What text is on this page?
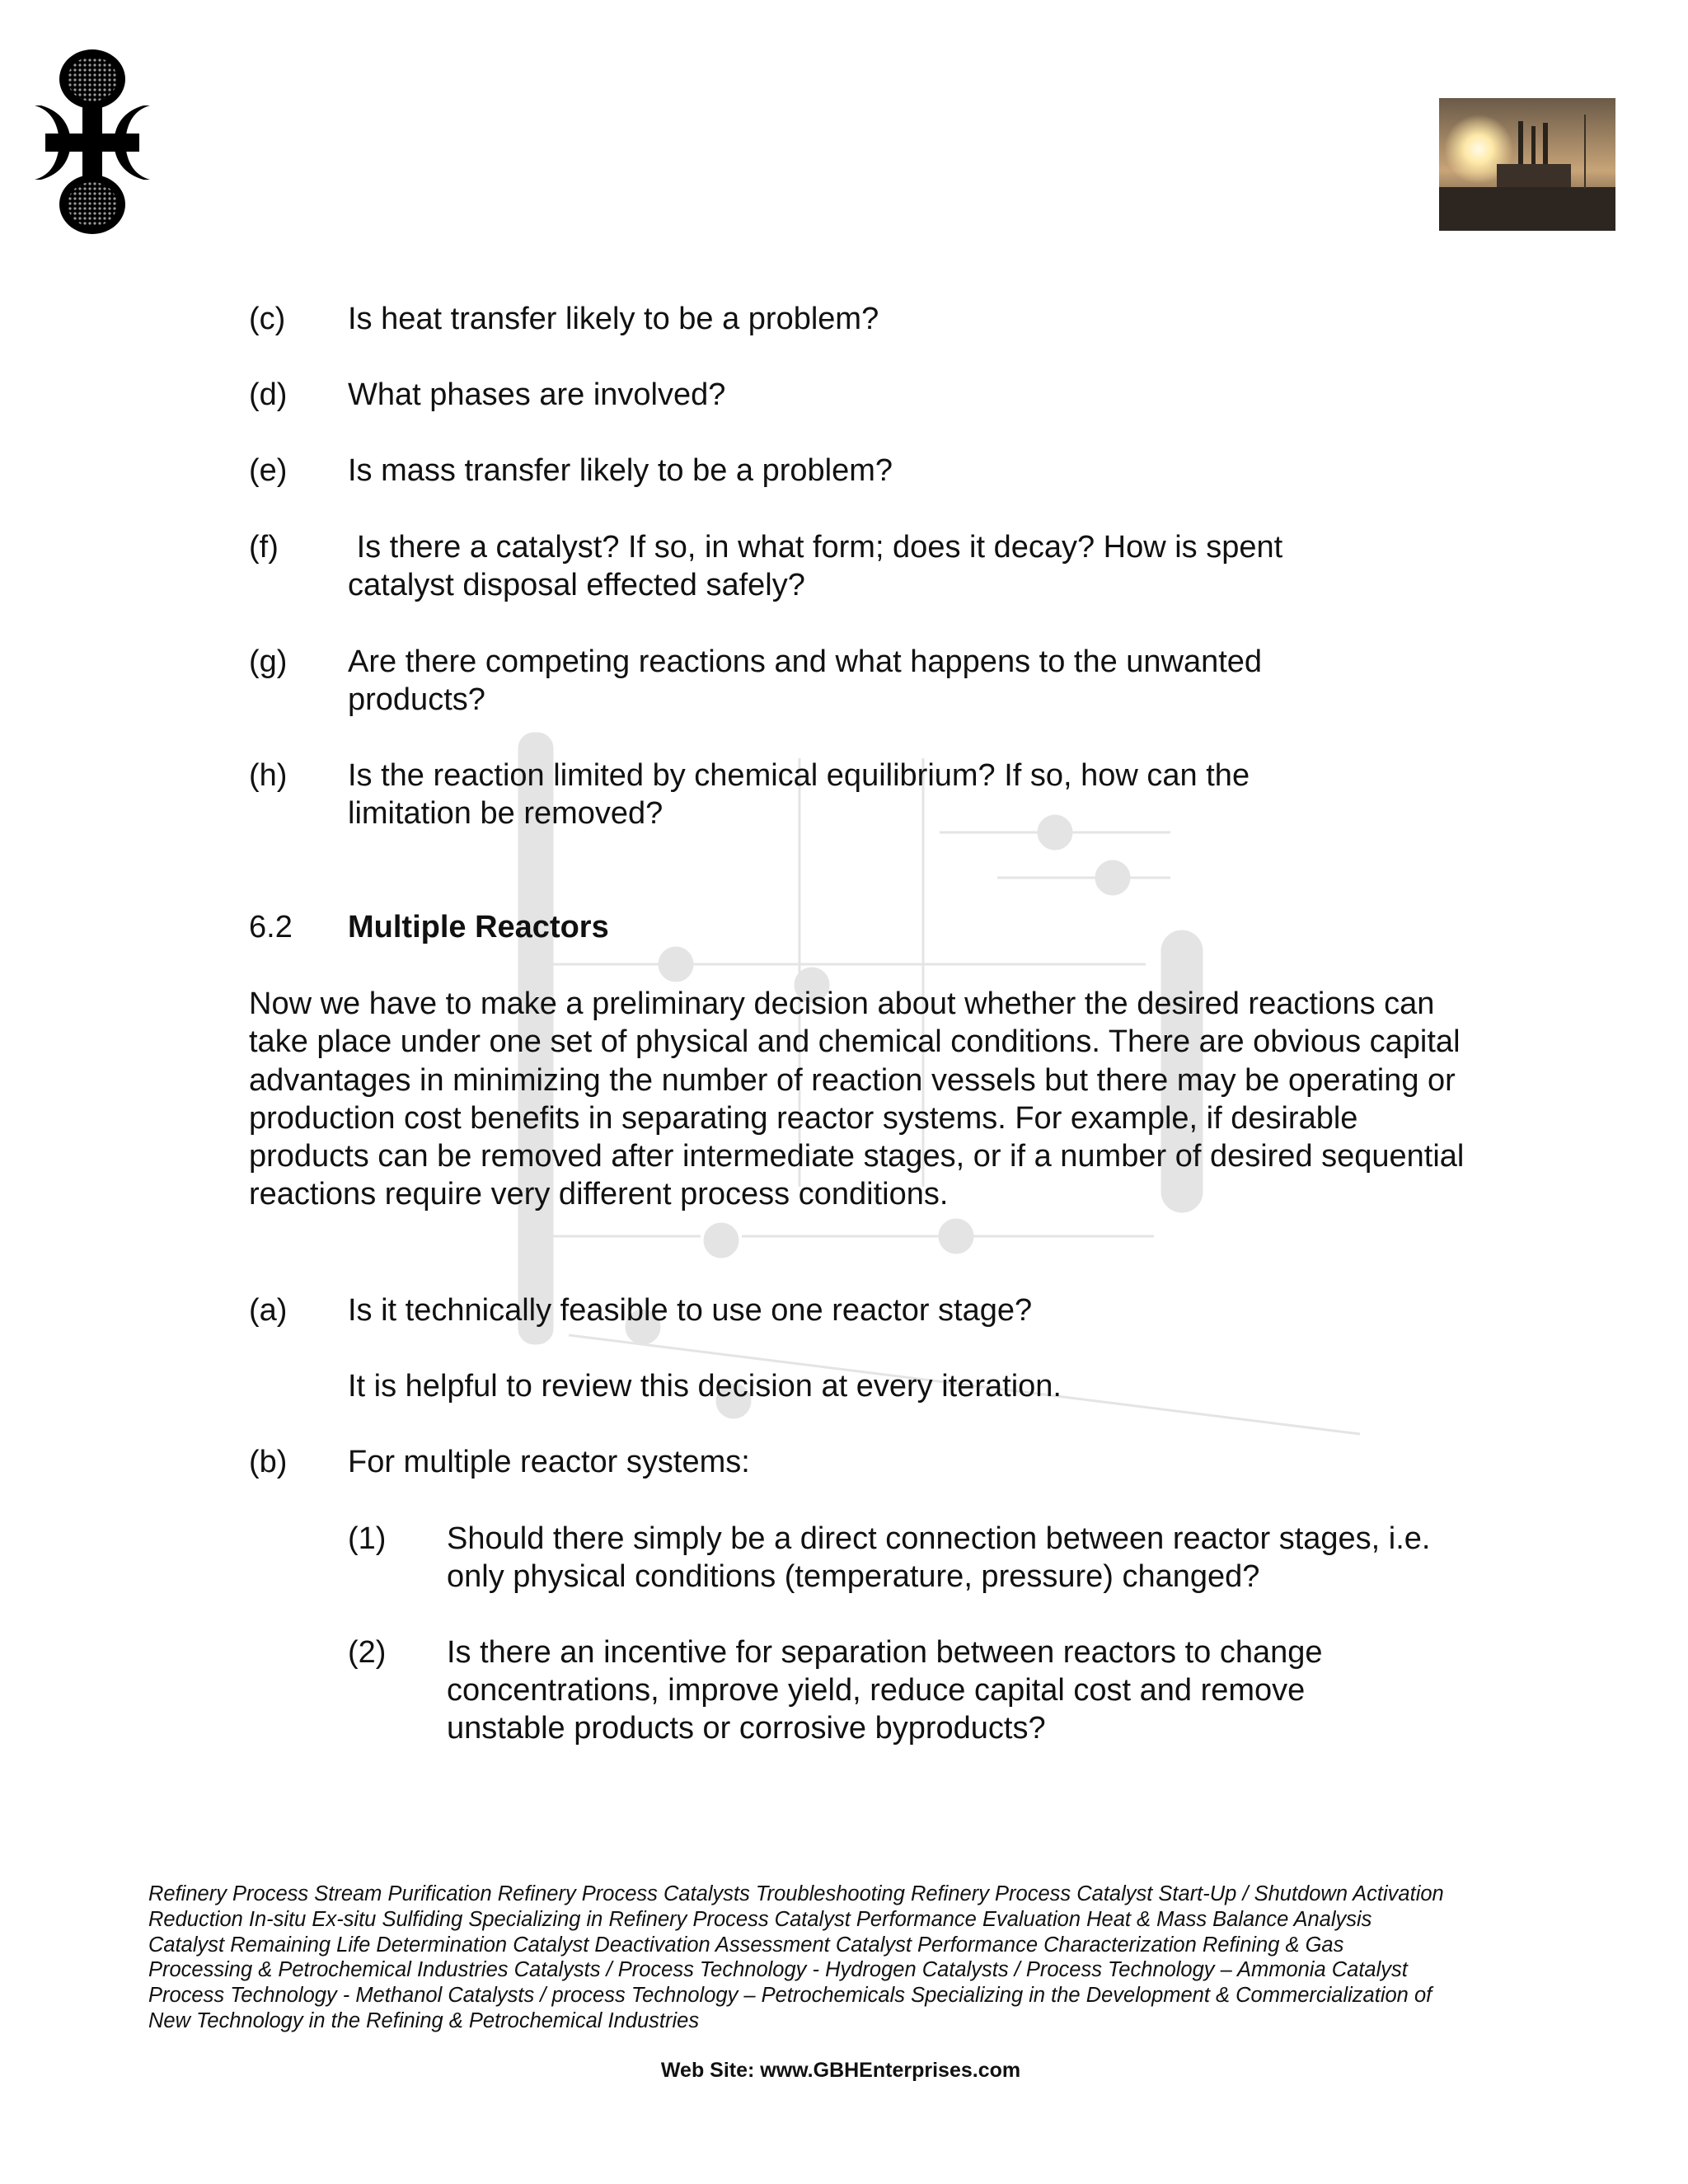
(c) Is heat transfer likely to be a problem?
(d) What phases are involved?
(e) Is mass transfer likely to be a problem?
(f) Is there a catalyst? If so, in what form; does it decay? How is spent catalyst disposal effected safely?
(g) Are there competing reactions and what happens to the unwanted products?
(h) Is the reaction limited by chemical equilibrium? If so, how can the limitation be removed?
6.2 Multiple Reactors
Now we have to make a preliminary decision about whether the desired reactions can take place under one set of physical and chemical conditions. There are obvious capital advantages in minimizing the number of reaction vessels but there may be operating or production cost benefits in separating reactor systems. For example, if desirable products can be removed after intermediate stages, or if a number of desired sequential reactions require very different process conditions.
(a) Is it technically feasible to use one reactor stage?
It is helpful to review this decision at every iteration.
(b) For multiple reactor systems:
(1) Should there simply be a direct connection between reactor stages, i.e. only physical conditions (temperature, pressure) changed?
(2) Is there an incentive for separation between reactors to change concentrations, improve yield, reduce capital cost and remove unstable products or corrosive byproducts?
Refinery Process Stream Purification Refinery Process Catalysts Troubleshooting Refinery Process Catalyst Start-Up / Shutdown Activation Reduction In-situ Ex-situ Sulfiding Specializing in Refinery Process Catalyst Performance Evaluation Heat & Mass Balance Analysis Catalyst Remaining Life Determination Catalyst Deactivation Assessment Catalyst Performance Characterization Refining & Gas Processing & Petrochemical Industries Catalysts / Process Technology - Hydrogen Catalysts / Process Technology – Ammonia Catalyst Process Technology - Methanol Catalysts / process Technology – Petrochemicals Specializing in the Development & Commercialization of New Technology in the Refining & Petrochemical Industries
Web Site: www.GBHEnterprises.com
